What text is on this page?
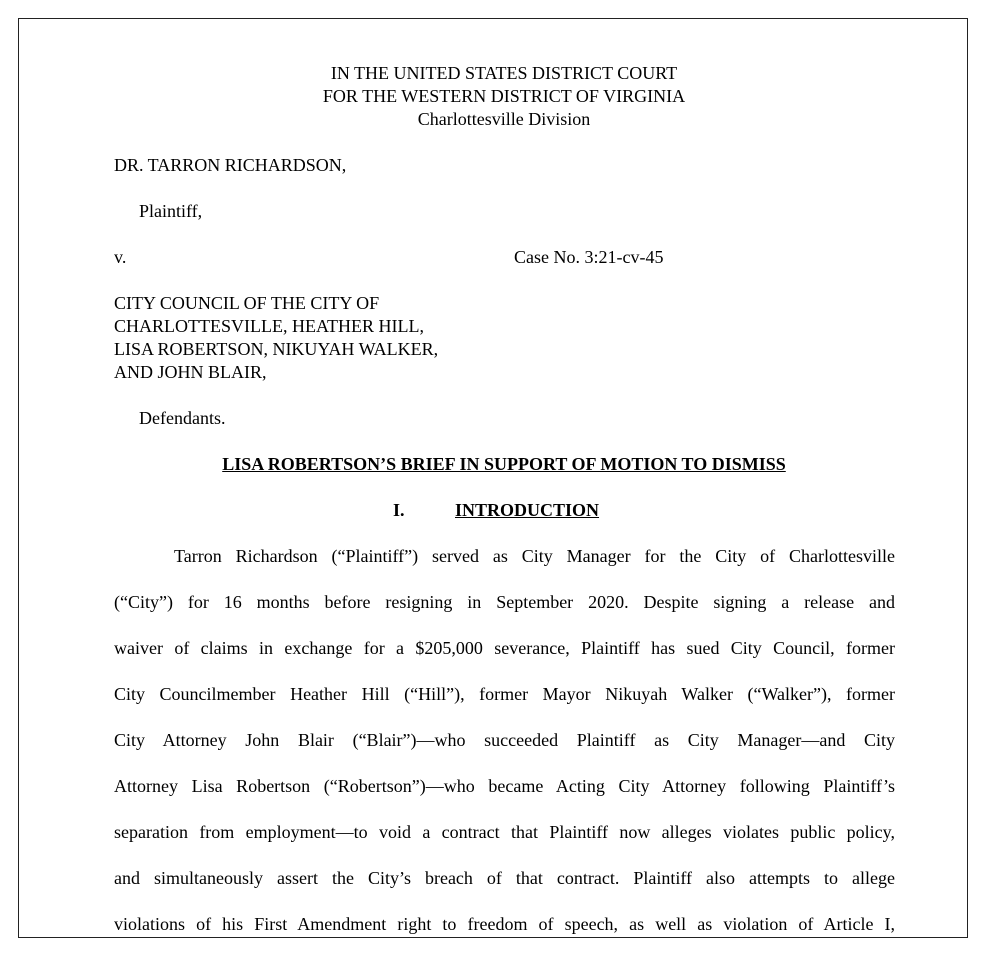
IN THE UNITED STATES DISTRICT COURT
FOR THE WESTERN DISTRICT OF VIRGINIA
Charlottesville Division
DR. TARRON RICHARDSON,
Plaintiff,
v.	Case No. 3:21-cv-45
CITY COUNCIL OF THE CITY OF
CHARLOTTESVILLE, HEATHER HILL,
LISA ROBERTSON, NIKUYAH WALKER,
AND JOHN BLAIR,
Defendants.
LISA ROBERTSON’S BRIEF IN SUPPORT OF MOTION TO DISMISS
I.	INTRODUCTION
Tarron Richardson (“Plaintiff”) served as City Manager for the City of Charlottesville
(“City”) for 16 months before resigning in September 2020. Despite signing a release and
waiver of claims in exchange for a $205,000 severance, Plaintiff has sued City Council, former
City Councilmember Heather Hill (“Hill”), former Mayor Nikuyah Walker (“Walker”), former
City Attorney John Blair (“Blair”)—who succeeded Plaintiff as City Manager—and City
Attorney Lisa Robertson (“Robertson”)—who became Acting City Attorney following Plaintiff’s
separation from employment—to void a contract that Plaintiff now alleges violates public policy,
and simultaneously assert the City’s breach of that contract. Plaintiff also attempts to allege
violations of his First Amendment right to freedom of speech, as well as violation of Article I,
